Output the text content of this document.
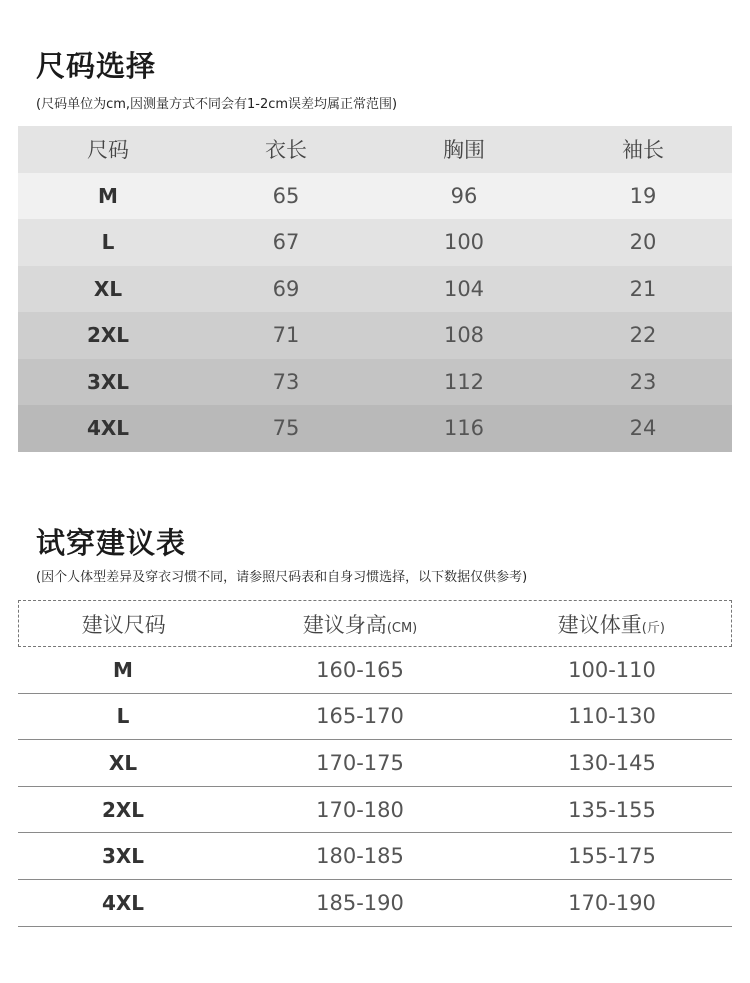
尺码选择
(尺码单位为cm,因测量方式不同会有1-2cm误差均属正常范围)
尺码	衣长	胸围	袖长
M	65	96	19
L	67	100	20
XL	69	104	21
2XL	71	108	22
3XL	73	112	23
4XL	75	116	24
试穿建议表
(因个人体型差异及穿衣习惯不同，请参照尺码表和自身习惯选择，以下数据仅供参考)
建议尺码	建议身高(CM)	建议体重(斤)
M	160-165	100-110
L	165-170	110-130
XL	170-175	130-145
2XL	170-180	135-155
3XL	180-185	155-175
4XL	185-190	170-190
